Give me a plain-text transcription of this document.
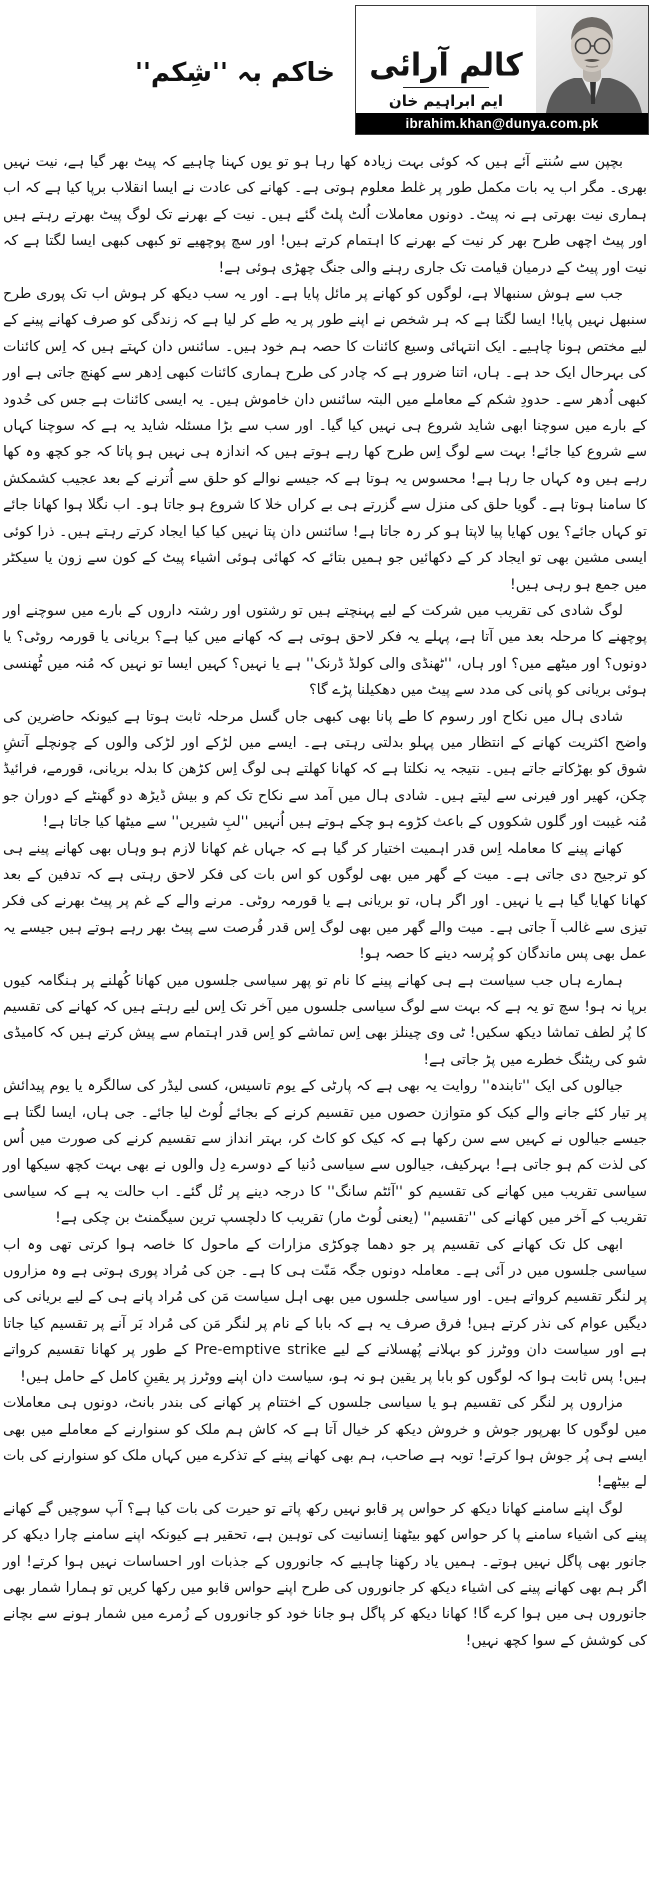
کالم آرائی
ایم ابراہیم خان
ibrahim.khan@dunya.com.pk
خاکم بہ ''شِکم''

بچپن سے سُنتے آئے ہیں کہ کوئی بہت زیادہ کھا رہا ہو تو یوں کہنا چاہیے کہ پیٹ بھر گیا ہے، نیت نہیں بھری۔ مگر اب یہ بات مکمل طور پر غلط معلوم ہوتی ہے۔ کھانے کی عادت نے ایسا انقلاب برپا کیا ہے کہ اب ہماری نیت بھرتی ہے نہ پیٹ۔ دونوں معاملات اُلٹ پلٹ گئے ہیں۔ نیت کے بھرنے تک لوگ پیٹ بھرتے رہتے ہیں اور پیٹ اچھی طرح بھر کر نیت کے بھرنے کا اہتمام کرتے ہیں! اور سچ پوچھیے تو کبھی کبھی ایسا لگتا ہے کہ نیت اور پیٹ کے درمیان قیامت تک جاری رہنے والی جنگ چھڑی ہوئی ہے!

جب سے ہوش سنبھالا ہے، لوگوں کو کھانے پر مائل پایا ہے۔ اور یہ سب دیکھ کر ہوش اب تک پوری طرح سنبھل نہیں پایا! ایسا لگتا ہے کہ ہر شخص نے اپنے طور پر یہ طے کر لیا ہے کہ زندگی کو صرف کھانے پینے کے لیے مختص ہونا چاہیے۔ ایک انتہائی وسیع کائنات کا حصہ ہم خود ہیں۔ سائنس دان کہتے ہیں کہ اِس کائنات کی بہرحال ایک حد ہے۔ ہاں، اتنا ضرور ہے کہ چادر کی طرح ہماری کائنات کبھی اِدھر سے کھنچ جاتی ہے اور کبھی اُدھر سے۔ حدودِ شکم کے معاملے میں البتہ سائنس دان خاموش ہیں۔ یہ ایسی کائنات ہے جس کی حُدود کے بارے میں سوچنا ابھی شاید شروع ہی نہیں کیا گیا۔ اور سب سے بڑا مسئلہ شاید یہ ہے کہ سوچنا کہاں سے شروع کیا جائے! بہت سے لوگ اِس طرح کھا رہے ہوتے ہیں کہ اندازہ ہی نہیں ہو پاتا کہ جو کچھ وہ کھا رہے ہیں وہ کہاں جا رہا ہے! محسوس یہ ہوتا ہے کہ جیسے نوالے کو حلق سے اُترنے کے بعد عجیب کشمکش کا سامنا ہوتا ہے۔ گویا حلق کی منزل سے گزرتے ہی بے کراں خلا کا شروع ہو جاتا ہو۔ اب نگلا ہوا کھانا جائے تو کہاں جائے؟ یوں کھایا پیا لاپتا ہو کر رہ جاتا ہے! سائنس دان پتا نہیں کیا کیا ایجاد کرتے رہتے ہیں۔ ذرا کوئی ایسی مشین بھی تو ایجاد کر کے دکھائیں جو ہمیں بتائے کہ کھائی ہوئی اشیاء پیٹ کے کون سے زون یا سیکٹر میں جمع ہو رہی ہیں!

لوگ شادی کی تقریب میں شرکت کے لیے پہنچتے ہیں تو رشتوں اور رشتہ داروں کے بارے میں سوچنے اور پوچھنے کا مرحلہ بعد میں آتا ہے، پہلے یہ فکر لاحق ہوتی ہے کہ کھانے میں کیا ہے؟ بریانی یا قورمہ روٹی؟ یا دونوں؟ اور میٹھے میں؟ اور ہاں، ''ٹھنڈی والی کولڈ ڈرنک'' ہے یا نہیں؟ کہیں ایسا تو نہیں کہ مُنہ میں ٹُھنسی ہوئی بریانی کو پانی کی مدد سے پیٹ میں دھکیلنا پڑے گا؟

شادی ہال میں نکاح اور رسوم کا طے پانا بھی کبھی جاں گسل مرحلہ ثابت ہوتا ہے کیونکہ حاضرین کی واضح اکثریت کھانے کے انتظار میں پہلو بدلتی رہتی ہے۔ ایسے میں لڑکے اور لڑکی والوں کے چونچلے آتشِ شوق کو بھڑکاتے جاتے ہیں۔ نتیجہ یہ نکلتا ہے کہ کھانا کھلتے ہی لوگ اِس کڑھن کا بدلہ بریانی، قورمے، فرائیڈ چکن، کھیر اور فیرنی سے لیتے ہیں۔ شادی ہال میں آمد سے نکاح تک کم و بیش ڈیڑھ دو گھنٹے کے دوران جو مُنہ غیبت اور گلوں شکووں کے باعث کڑوے ہو چکے ہوتے ہیں اُنہیں ''لبِ شیریں'' سے میٹھا کیا جاتا ہے!

کھانے پینے کا معاملہ اِس قدر اہمیت اختیار کر گیا ہے کہ جہاں غم کھانا لازم ہو وہاں بھی کھانے پینے ہی کو ترجیح دی جاتی ہے۔ میت کے گھر میں بھی لوگوں کو اس بات کی فکر لاحق رہتی ہے کہ تدفین کے بعد کھانا کھایا گیا ہے یا نہیں۔ اور اگر ہاں، تو بریانی ہے یا قورمہ روٹی۔ مرنے والے کے غم پر پیٹ بھرنے کی فکر تیزی سے غالب آ جاتی ہے۔ میت والے گھر میں بھی لوگ اِس قدر فُرصت سے پیٹ بھر رہے ہوتے ہیں جیسے یہ عمل بھی پس ماندگان کو پُرسہ دینے کا حصہ ہو!

ہمارے ہاں جب سیاست ہے ہی کھانے پینے کا نام تو پھر سیاسی جلسوں میں کھانا کُھلنے پر ہنگامہ کیوں برپا نہ ہو! سچ تو یہ ہے کہ بہت سے لوگ سیاسی جلسوں میں آخر تک اِس لیے رہتے ہیں کہ کھانے کی تقسیم کا پُر لطف تماشا دیکھ سکیں! ٹی وی چینلز بھی اِس تماشے کو اِس قدر اہتمام سے پیش کرتے ہیں کہ کامیڈی شو کی ریٹنگ خطرے میں پڑ جاتی ہے!

جیالوں کی ایک ''تابندہ'' روایت یہ بھی ہے کہ پارٹی کے یوم تاسیس، کسی لیڈر کی سالگرہ یا یوم پیدائش پر تیار کئے جانے والے کیک کو متوازن حصوں میں تقسیم کرنے کے بجائے لُوٹ لیا جائے۔ جی ہاں، ایسا لگتا ہے جیسے جیالوں نے کہیں سے سن رکھا ہے کہ کیک کو کاٹ کر، بہتر انداز سے تقسیم کرنے کی صورت میں اُس کی لذت کم ہو جاتی ہے! بہرکیف، جیالوں سے سیاسی دُنیا کے دوسرے دِل والوں نے بھی بہت کچھ سیکھا اور سیاسی تقریب میں کھانے کی تقسیم کو ''آئٹم سانگ'' کا درجہ دینے پر تُل گئے۔ اب حالت یہ ہے کہ سیاسی تقریب کے آخر میں کھانے کی ''تقسیم'' (یعنی لُوٹ مار) تقریب کا دلچسپ ترین سیگمنٹ بن چکی ہے!

ابھی کل تک کھانے کی تقسیم پر جو دھما چوکڑی مزارات کے ماحول کا خاصہ ہوا کرتی تھی وہ اب سیاسی جلسوں میں در آئی ہے۔ معاملہ دونوں جگہ مَنّت ہی کا ہے۔ جن کی مُراد پوری ہوتی ہے وہ مزاروں پر لنگر تقسیم کرواتے ہیں۔ اور سیاسی جلسوں میں بھی اہل سیاست مَن کی مُراد پانے ہی کے لیے بریانی کی دیگیں عوام کی نذر کرتے ہیں! فرق صرف یہ ہے کہ بابا کے نام پر لنگر مَن کی مُراد بَر آنے پر تقسیم کیا جاتا ہے اور سیاست دان ووٹرز کو بہلانے پُھسلانے کے لیے Pre-emptive strike کے طور پر کھانا تقسیم کرواتے ہیں! پس ثابت ہوا کہ لوگوں کو بابا پر یقین ہو نہ ہو، سیاست دان اپنے ووٹرز پر یقینِ کامل کے حامل ہیں!

مزاروں پر لنگر کی تقسیم ہو یا سیاسی جلسوں کے اختتام پر کھانے کی بندر بانٹ، دونوں ہی معاملات میں لوگوں کا بھرپور جوش و خروش دیکھ کر خیال آتا ہے کہ کاش ہم ملک کو سنوارنے کے معاملے میں بھی ایسے ہی پُر جوش ہوا کرتے! توبہ ہے صاحب، ہم بھی کھانے پینے کے تذکرے میں کہاں ملک کو سنوارنے کی بات لے بیٹھے!

لوگ اپنے سامنے کھانا دیکھ کر حواس پر قابو نہیں رکھ پاتے تو حیرت کی بات کیا ہے؟ آپ سوچیں گے کھانے پینے کی اشیاء سامنے پا کر حواس کھو بیٹھنا اِنسانیت کی توہین ہے، تحقیر ہے کیونکہ اپنے سامنے چارا دیکھ کر جانور بھی پاگل نہیں ہوتے۔ ہمیں یاد رکھنا چاہیے کہ جانوروں کے جذبات اور احساسات نہیں ہوا کرتے! اور اگر ہم بھی کھانے پینے کی اشیاء دیکھ کر جانوروں کی طرح اپنے حواس قابو میں رکھا کریں تو ہمارا شمار بھی جانوروں ہی میں ہوا کرے گا! کھانا دیکھ کر پاگل ہو جانا خود کو جانوروں کے زُمرے میں شمار ہونے سے بچانے کی کوشش کے سوا کچھ نہیں!
